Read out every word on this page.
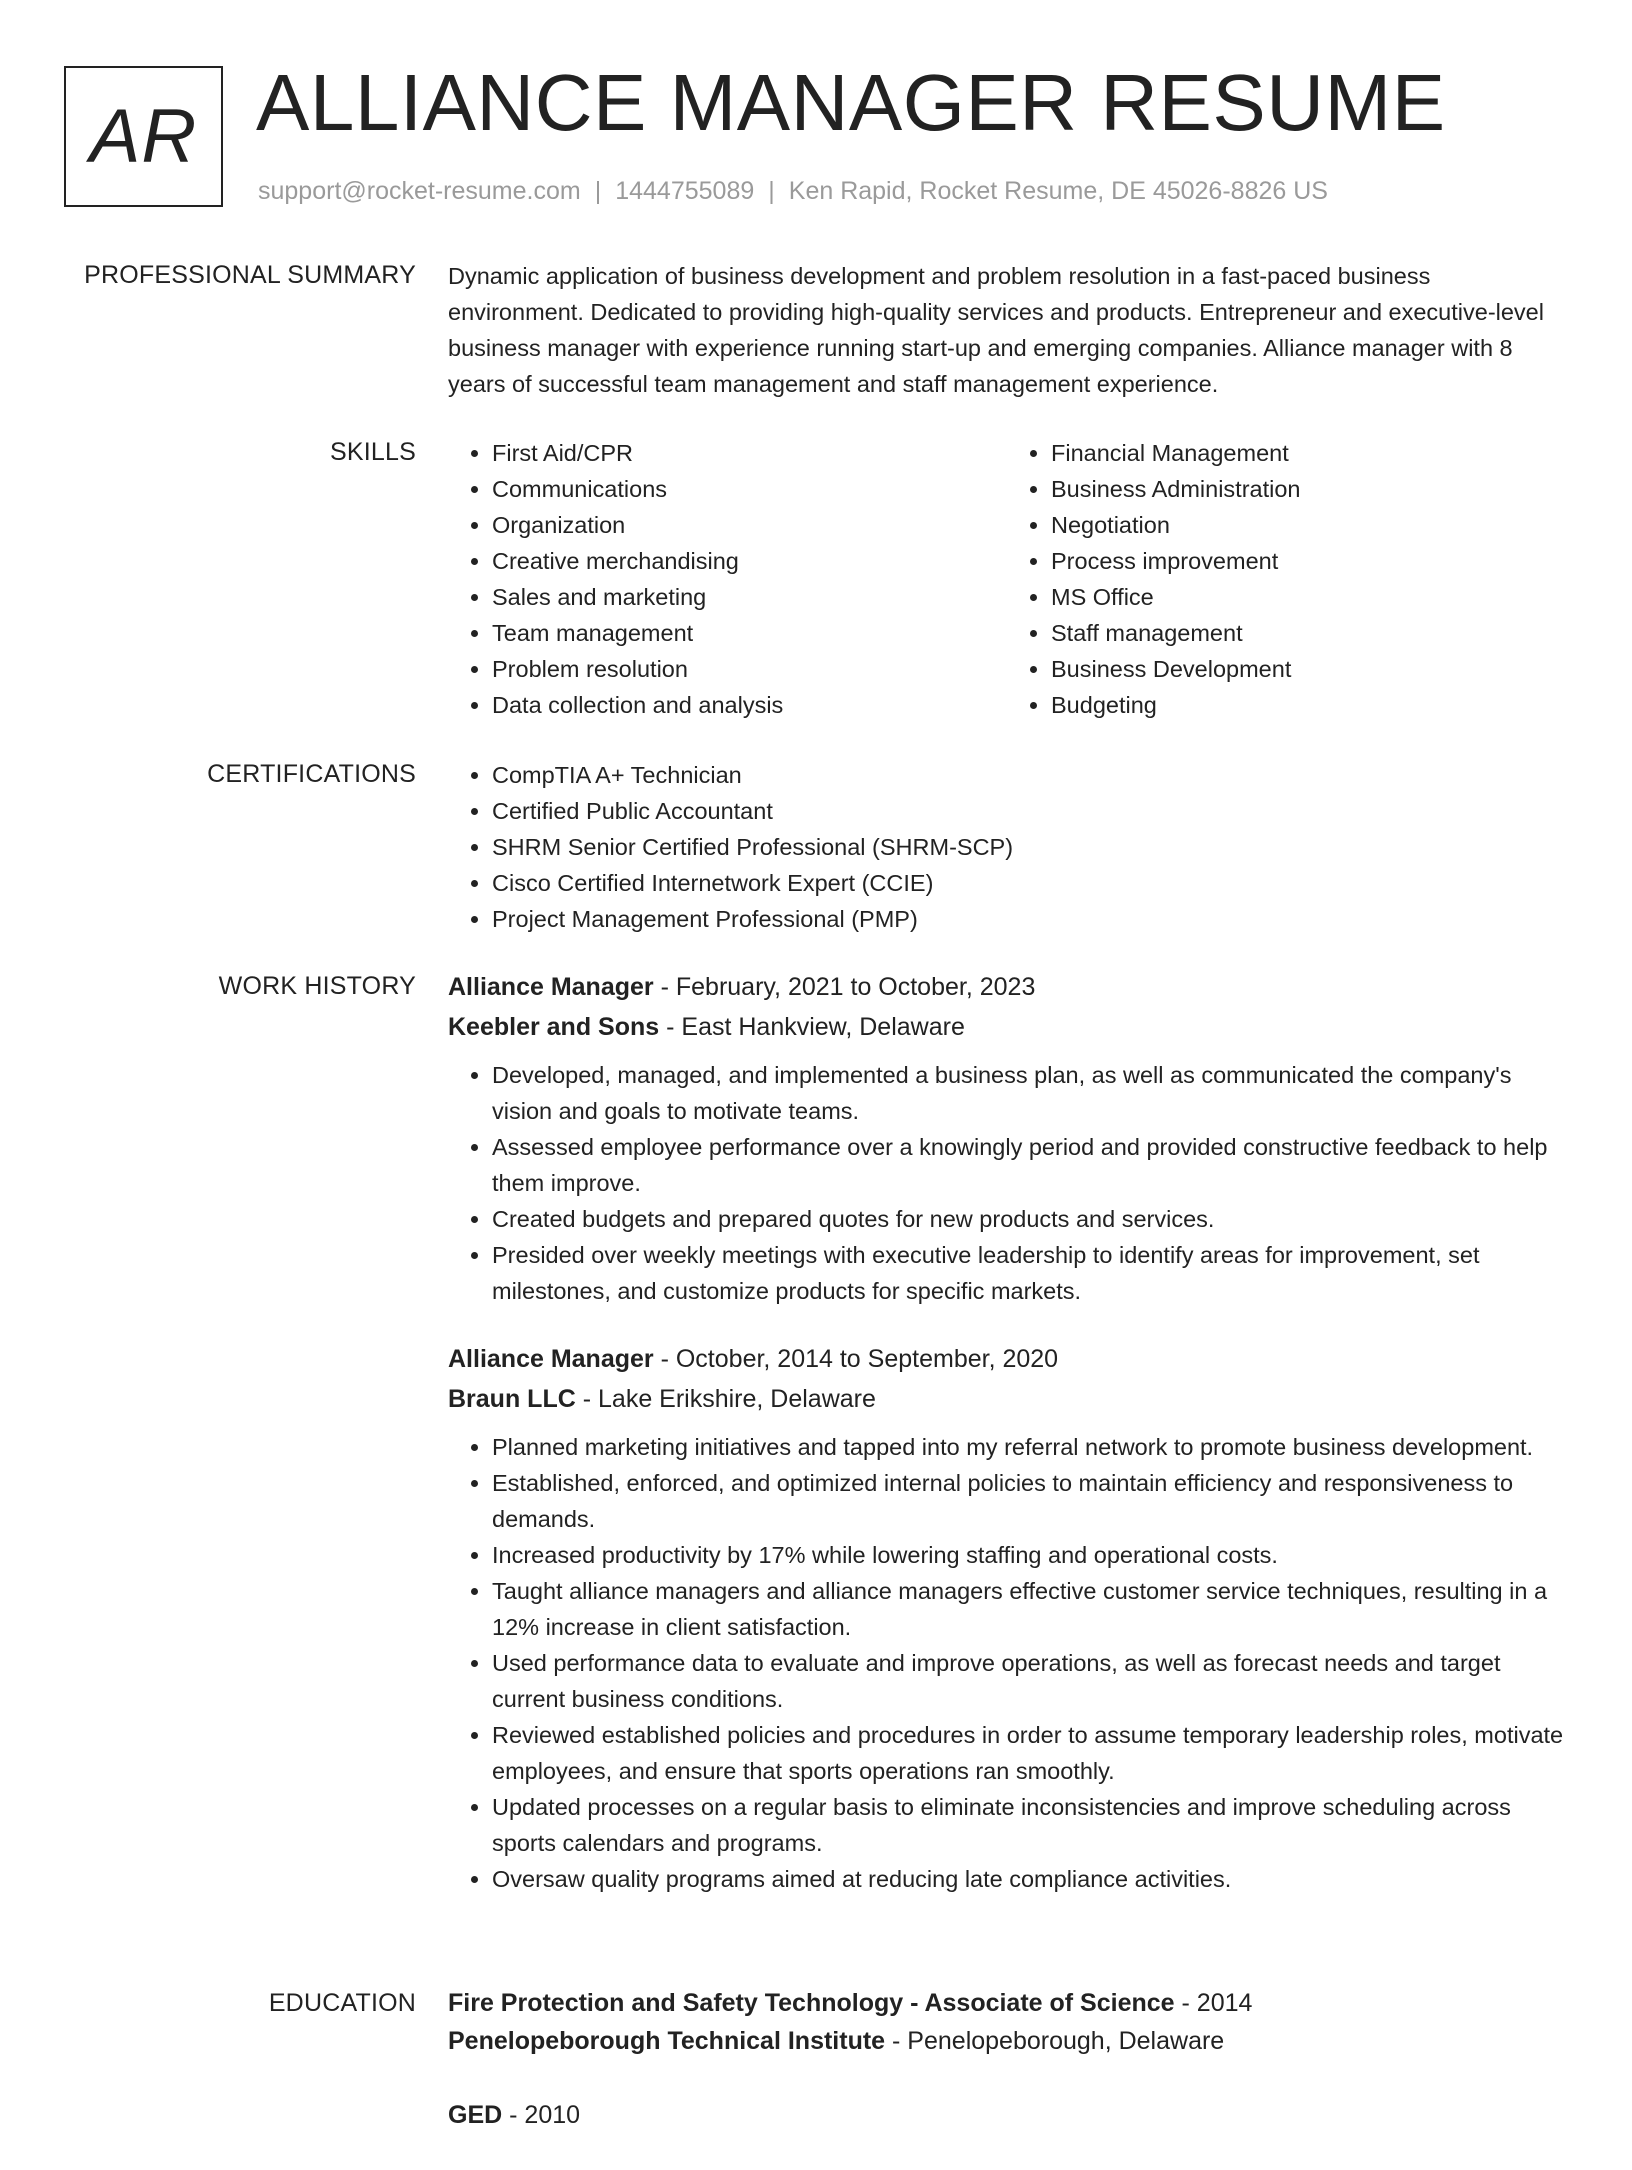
AR ALLIANCE MANAGER RESUME
support@rocket-resume.com | 1444755089 | Ken Rapid, Rocket Resume, DE 45026-8826 US
PROFESSIONAL SUMMARY Dynamic application of business development and problem resolution in a fast-paced business environment. Dedicated to providing high-quality services and products. Entrepreneur and executive-level business manager with experience running start-up and emerging companies. Alliance manager with 8 years of successful team management and staff management experience.

SKILLS	• First Aid/CPR
• Communications
• Organization
• Creative merchandising
• Sales and marketing
• Team management
• Problem resolution
• Data collection and analysis
• Financial Management
• Business Administration
• Negotiation
• Process improvement
• MS Office
• Staff management
• Business Development
• Budgeting
CERTIFICATIONS	• CompTIA A+ Technician
• Certified Public Accountant
• SHRM Senior Certified Professional (SHRM-SCP)
• Cisco Certified Internetwork Expert (CCIE)
• Project Management Professional (PMP)
WORK HISTORY Alliance Manager - February, 2021 to October, 2023
Keebler and Sons - East Hankview, Delaware
• Developed, managed, and implemented a business plan, as well as communicated the company's vision and goals to motivate teams.
• Assessed employee performance over a knowingly period and provided constructive feedback to help them improve.
• Created budgets and prepared quotes for new products and services.
• Presided over weekly meetings with executive leadership to identify areas for improvement, set milestones, and customize products for specific markets.
Alliance Manager - October, 2014 to September, 2020
Braun LLC - Lake Erikshire, Delaware
• Planned marketing initiatives and tapped into my referral network to promote business development.
• Established, enforced, and optimized internal policies to maintain efficiency and responsiveness to demands.
• Increased productivity by 17% while lowering staffing and operational costs.
• Taught alliance managers and alliance managers effective customer service techniques, resulting in a 12% increase in client satisfaction.
• Used performance data to evaluate and improve operations, as well as forecast needs and target current business conditions.
• Reviewed established policies and procedures in order to assume temporary leadership roles, motivate employees, and ensure that sports operations ran smoothly.
• Updated processes on a regular basis to eliminate inconsistencies and improve scheduling across sports calendars and programs.
• Oversaw quality programs aimed at reducing late compliance activities.
EDUCATION Fire Protection and Safety Technology - Associate of Science - 2014
Penelopeborough Technical Institute - Penelopeborough, Delaware
GED - 2010
